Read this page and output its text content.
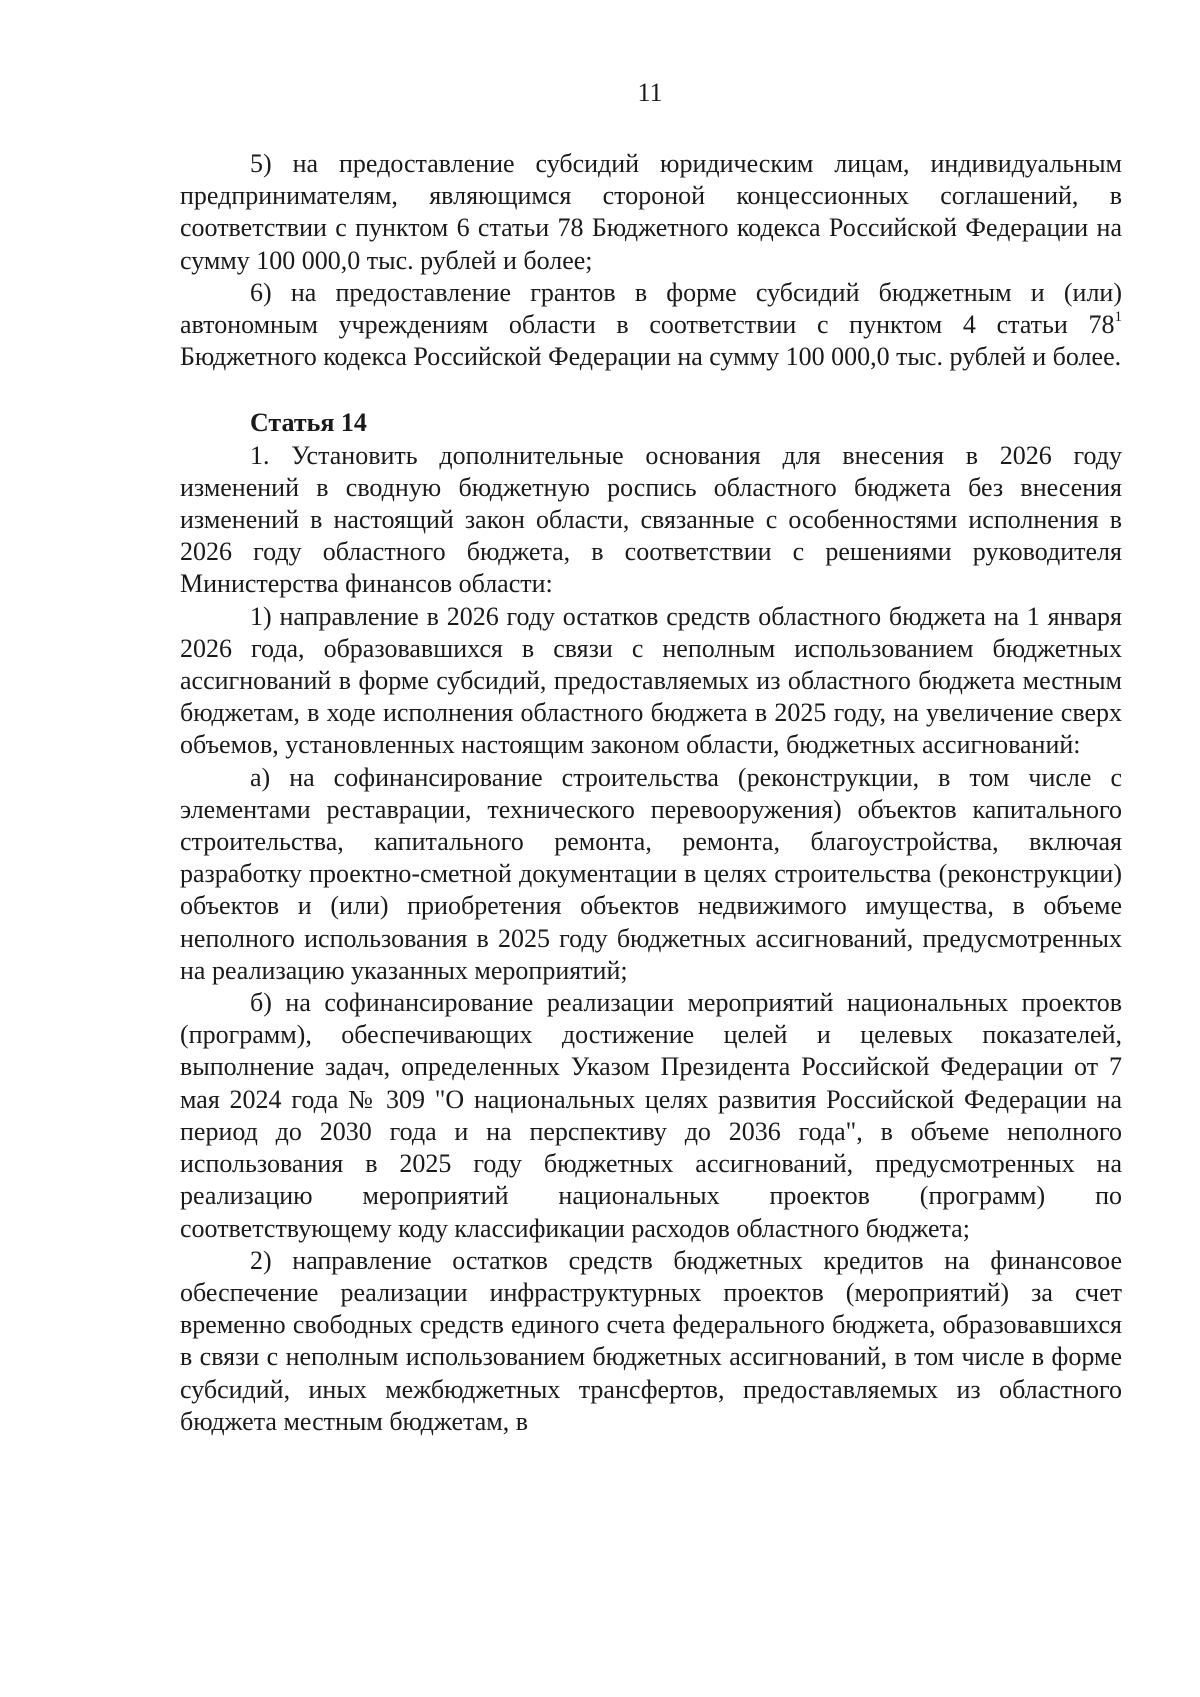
11

5) на предоставление субсидий юридическим лицам, индивидуальным предпринимателям, являющимся стороной концессионных соглашений, в соответствии с пунктом 6 статьи 78 Бюджетного кодекса Российской Федерации на сумму 100 000,0 тыс. рублей и более;

6) на предоставление грантов в форме субсидий бюджетным и (или) автономным учреждениям области в соответствии с пунктом 4 статьи $78^1$ Бюджетного кодекса Российской Федерации на сумму 100 000,0 тыс. рублей и более.

Статья 14

1. Установить дополнительные основания для внесения в 2026 году изменений в сводную бюджетную роспись областного бюджета без внесения изменений в настоящий закон области, связанные с особенностями исполнения в 2026 году областного бюджета, в соответствии с решениями руководителя Министерства финансов области:

1) направление в 2026 году остатков средств областного бюджета на 1 января 2026 года, образовавшихся в связи с неполным использованием бюджетных ассигнований в форме субсидий, предоставляемых из областного бюджета местным бюджетам, в ходе исполнения областного бюджета в 2025 году, на увеличение сверх объемов, установленных настоящим законом области, бюджетных ассигнований:

а) на софинансирование строительства (реконструкции, в том числе с элементами реставрации, технического перевооружения) объектов капитального строительства, капитального ремонта, ремонта, благоустройства, включая разработку проектно-сметной документации в целях строительства (реконструкции) объектов и (или) приобретения объектов недвижимого имущества, в объеме неполного использования в 2025 году бюджетных ассигнований, предусмотренных на реализацию указанных мероприятий;

б) на софинансирование реализации мероприятий национальных проектов (программ), обеспечивающих достижение целей и целевых показателей, выполнение задач, определенных Указом Президента Российской Федерации от 7 мая 2024 года № 309 "О национальных целях развития Российской Федерации на период до 2030 года и на перспективу до 2036 года", в объеме неполного использования в 2025 году бюджетных ассигнований, предусмотренных на реализацию мероприятий национальных проектов (программ) по соответствующему коду классификации расходов областного бюджета;

2) направление остатков средств бюджетных кредитов на финансовое обеспечение реализации инфраструктурных проектов (мероприятий) за счет временно свободных средств единого счета федерального бюджета, образовавшихся в связи с неполным использованием бюджетных ассигнований, в том числе в форме субсидий, иных межбюджетных трансфертов, предоставляемых из областного бюджета местным бюджетам, в
